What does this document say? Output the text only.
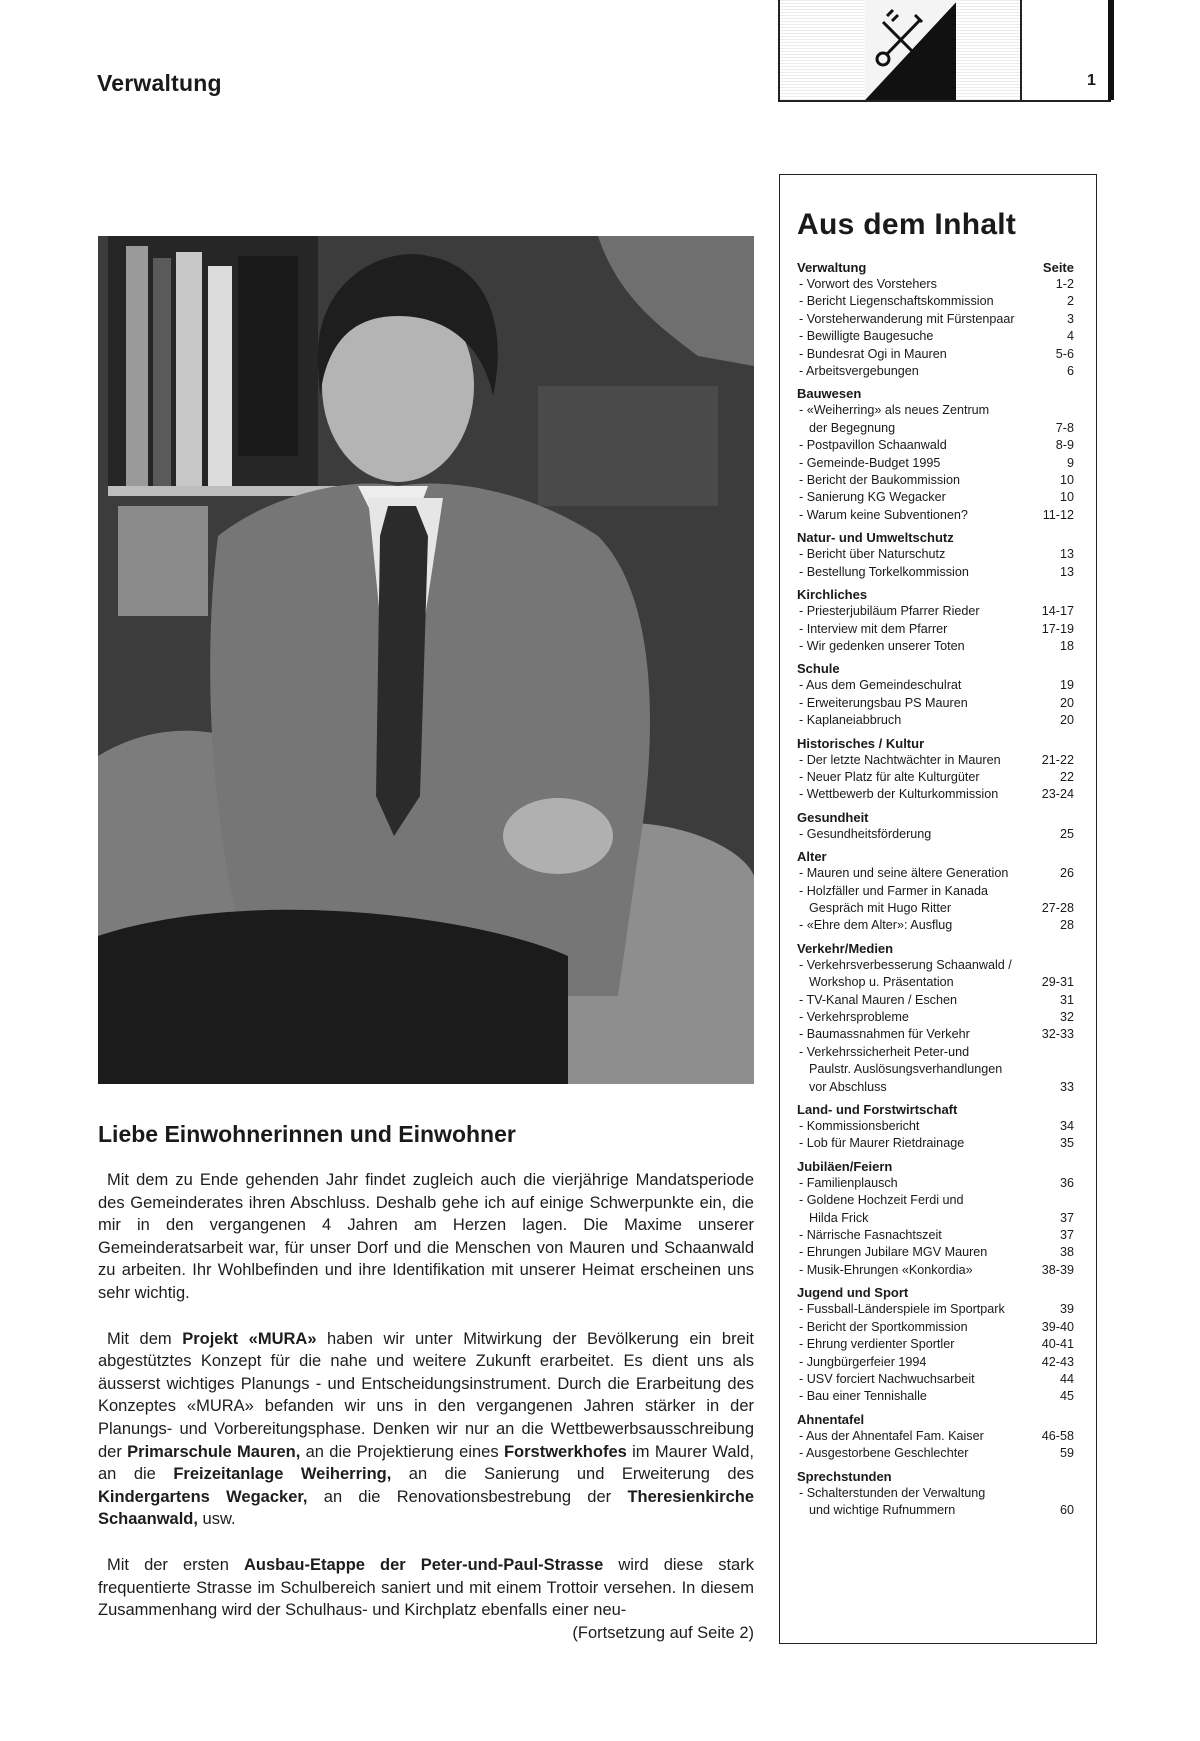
Verwaltung	1
Liebe Einwohnerinnen und Einwohner

Mit dem zu Ende gehenden Jahr findet zugleich auch die vierjährige Mandatsperiode des Gemeinderates ihren Abschluss. Deshalb gehe ich auf einige Schwerpunkte ein, die mir in den vergangenen 4 Jahren am Herzen lagen. Die Maxime unserer Gemeinderatsarbeit war, für unser Dorf und die Menschen von Mauren und Schaanwald zu arbeiten. Ihr Wohlbefinden und ihre Identifikation mit unserer Heimat erscheinen uns sehr wichtig.

Mit dem Projekt «MURA» haben wir unter Mitwirkung der Bevölkerung ein breit abgestütztes Konzept für die nahe und weitere Zukunft erarbeitet. Es dient uns als äusserst wichtiges Planungs - und Entscheidungsinstrument. Durch die Erarbeitung des Konzeptes «MURA» befanden wir uns in den vergangenen Jahren stärker in der Planungs- und Vorbereitungsphase. Denken wir nur an die Wettbewerbsausschreibung der Primarschule Mauren, an die Projektierung eines Forstwerkhofes im Maurer Wald, an die Freizeitanlage Weiherring, an die Sanierung und Erweiterung des Kindergartens Wegacker, an die Renovationsbestrebung der Theresienkirche Schaanwald, usw.

Mit der ersten Ausbau-Etappe der Peter-und-Paul-Strasse wird diese stark frequentierte Strasse im Schulbereich saniert und mit einem Trottoir versehen. In diesem Zusammenhang wird der Schulhaus- und Kirchplatz ebenfalls einer neu-
(Fortsetzung auf Seite 2)

Aus dem Inhalt
Verwaltung	Seite
- Vorwort des Vorstehers	1-2
- Bericht Liegenschaftskommission	2
- Vorsteherwanderung mit Fürstenpaar	3
- Bewilligte Baugesuche	4
- Bundesrat Ogi in Mauren	5-6
- Arbeitsvergebungen	6
Bauwesen
- «Weiherring» als neues Zentrum
der Begegnung	7-8
- Postpavillon Schaanwald	8-9
- Gemeinde-Budget 1995	9
- Bericht der Baukommission	10
- Sanierung KG Wegacker	10
- Warum keine Subventionen?	11-12
Natur- und Umweltschutz
- Bericht über Naturschutz	13
- Bestellung Torkelkommission	13
Kirchliches
- Priesterjubiläum Pfarrer Rieder	14-17
- Interview mit dem Pfarrer	17-19
- Wir gedenken unserer Toten	18
Schule
- Aus dem Gemeindeschulrat	19
- Erweiterungsbau PS Mauren	20
- Kaplaneiabbruch	20
Historisches / Kultur
- Der letzte Nachtwächter in Mauren	21-22
- Neuer Platz für alte Kulturgüter	22
- Wettbewerb der Kulturkommission	23-24
Gesundheit
- Gesundheitsförderung	25
Alter
- Mauren und seine ältere Generation	26
- Holzfäller und Farmer in Kanada
Gespräch mit Hugo Ritter	27-28
- «Ehre dem Alter»: Ausflug	28
Verkehr/Medien
- Verkehrsverbesserung Schaanwald /
Workshop u. Präsentation	29-31
- TV-Kanal Mauren / Eschen	31
- Verkehrsprobleme	32
- Baumassnahmen für Verkehr	32-33
- Verkehrssicherheit Peter-und
Paulstr. Auslösungsverhandlungen
vor Abschluss	33
Land- und Forstwirtschaft
- Kommissionsbericht	34
- Lob für Maurer Rietdrainage	35
Jubiläen/Feiern
- Familienplausch	36
- Goldene Hochzeit Ferdi und
Hilda Frick	37
- Närrische Fasnachtszeit	37
- Ehrungen Jubilare MGV Mauren	38
- Musik-Ehrungen «Konkordia»	38-39
Jugend und Sport
- Fussball-Länderspiele im Sportpark	39
- Bericht der Sportkommission	39-40
- Ehrung verdienter Sportler	40-41
- Jungbürgerfeier 1994	42-43
- USV forciert Nachwuchsarbeit	44
- Bau einer Tennishalle	45
Ahnentafel
- Aus der Ahnentafel Fam. Kaiser	46-58
- Ausgestorbene Geschlechter	59
Sprechstunden
- Schalterstunden der Verwaltung
und wichtige Rufnummern	60
